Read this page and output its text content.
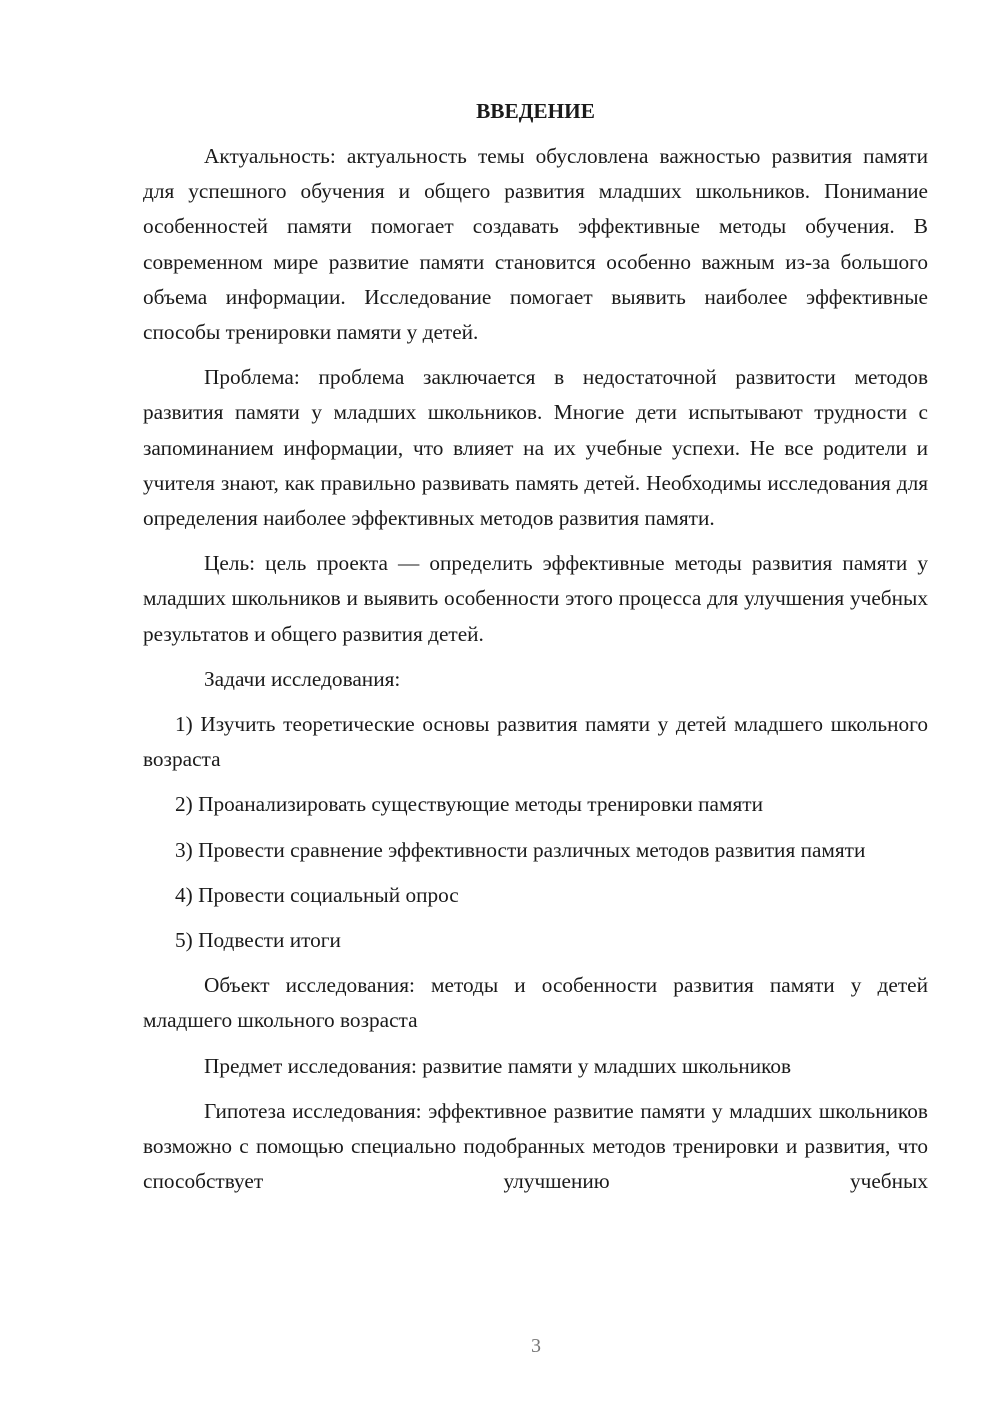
ВВЕДЕНИЕ

Актуальность: актуальность темы обусловлена важностью развития памяти для успешного обучения и общего развития младших школьников. Понимание особенностей памяти помогает создавать эффективные методы обучения. В современном мире развитие памяти становится особенно важным из-за большого объема информации. Исследование помогает выявить наиболее эффективные способы тренировки памяти у детей.

Проблема: проблема заключается в недостаточной развитости методов развития памяти у младших школьников. Многие дети испытывают трудности с запоминанием информации, что влияет на их учебные успехи. Не все родители и учителя знают, как правильно развивать память детей. Необходимы исследования для определения наиболее эффективных методов развития памяти.

Цель: цель проекта — определить эффективные методы развития памяти у младших школьников и выявить особенности этого процесса для улучшения учебных результатов и общего развития детей.

Задачи исследования:

1) Изучить теоретические основы развития памяти у детей младшего школьного возраста

2) Проанализировать существующие методы тренировки памяти

3) Провести сравнение эффективности различных методов развития памяти

4) Провести социальный опрос

5) Подвести итоги

Объект исследования: методы и особенности развития памяти у детей младшего школьного возраста

Предмет исследования: развитие памяти у младших школьников

Гипотеза исследования: эффективное развитие памяти у младших школьников возможно с помощью специально подобранных методов тренировки и развития, что способствует улучшению учебных

3
